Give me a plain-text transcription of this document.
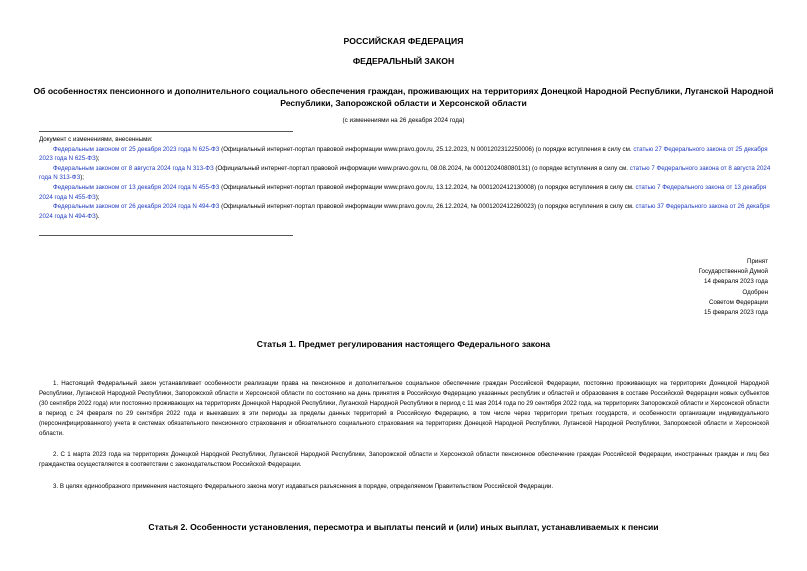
РОССИЙСКАЯ ФЕДЕРАЦИЯ
ФЕДЕРАЛЬНЫЙ ЗАКОН
Об особенностях пенсионного и дополнительного социального обеспечения граждан, проживающих на территориях Донецкой Народной Республики, Луганской Народной Республики, Запорожской области и Херсонской области
(с изменениями на 26 декабря 2024 года)
Документ с изменениями, внесенными:
Федеральным законом от 25 декабря 2023 года N 625-ФЗ (Официальный интернет-портал правовой информации www.pravo.gov.ru, 25.12.2023, N 0001202312250006) (о порядке вступления в силу см. статью 27 Федерального закона от 25 декабря 2023 года N 625-ФЗ);
Федеральным законом от 8 августа 2024 года N 313-ФЗ (Официальный интернет-портал правовой информации www.pravo.gov.ru, 08.08.2024, № 0001202408080131) (о порядке вступления в силу см. статью 7 Федерального закона от 8 августа 2024 года N 313-ФЗ);
Федеральным законом от 13 декабря 2024 года N 455-ФЗ (Официальный интернет-портал правовой информации www.pravo.gov.ru, 13.12.2024, № 0001202412130008) (о порядке вступления в силу см. статью 7 Федерального закона от 13 декабря 2024 года N 455-ФЗ);
Федеральным законом от 26 декабря 2024 года N 494-ФЗ (Официальный интернет-портал правовой информации www.pravo.gov.ru, 26.12.2024, № 0001202412260023) (о порядке вступления в силу см. статью 37 Федерального закона от 26 декабря 2024 года N 494-ФЗ).
Принят
Государственной Думой
14 февраля 2023 года
Одобрен
Советом Федерации
15 февраля 2023 года
Статья 1. Предмет регулирования настоящего Федерального закона
1. Настоящий Федеральный закон устанавливает особенности реализации права на пенсионное и дополнительное социальное обеспечение граждан Российской Федерации, постоянно проживающих на территориях Донецкой Народной Республики, Луганской Народной Республики, Запорожской области и Херсонской области по состоянию на день принятия в Российскую Федерацию указанных республик и областей и образования в составе Российской Федерации новых субъектов (30 сентября 2022 года) или постоянно проживающих на территориях Донецкой Народной Республики, Луганской Народной Республики в период с 11 мая 2014 года по 29 сентября 2022 года, на территориях Запорожской области и Херсонской области в период с 24 февраля по 29 сентября 2022 года и выехавших в эти периоды за пределы данных территорий в Российскую Федерацию, в том числе через территории третьих государств, и особенности организации индивидуального (персонифицированного) учета в системах обязательного пенсионного страхования и обязательного социального страхования на территориях Донецкой Народной Республики, Луганской Народной Республики, Запорожской области и Херсонской области.
2. С 1 марта 2023 года на территориях Донецкой Народной Республики, Луганской Народной Республики, Запорожской области и Херсонской области пенсионное обеспечение граждан Российской Федерации, иностранных граждан и лиц без гражданства осуществляется в соответствии с законодательством Российской Федерации.
3. В целях единообразного применения настоящего Федерального закона могут издаваться разъяснения в порядке, определяемом Правительством Российской Федерации.
Статья 2. Особенности установления, пересмотра и выплаты пенсий и (или) иных выплат, устанавливаемых к пенсии
